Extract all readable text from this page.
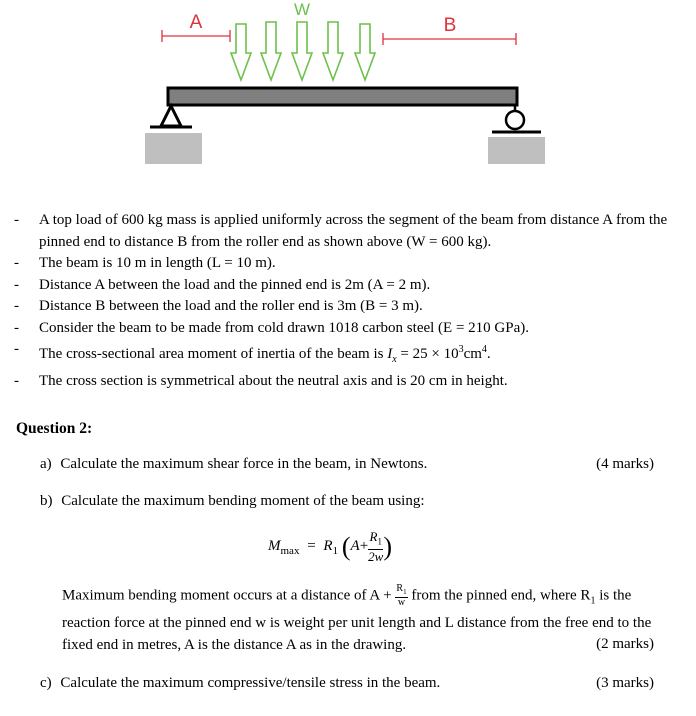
A	B
W
- A top load of 600 kg mass is applied uniformly across the segment of the beam from distance A from the pinned end to distance B from the roller end as shown above (W = 600 kg).
- The beam is 10 m in length (L = 10 m).
- Distance A between the load and the pinned end is 2m (A = 2 m).
- Distance B between the load and the roller end is 3m (B = 3 m).
- Consider the beam to be made from cold drawn 1018 carbon steel (E = 210 GPa).
- The cross-sectional area moment of inertia of the beam is $I_x = 25 \times 10^3cm^4$.
- The cross section is symmetrical about the neutral axis and is 20 cm in height.
Question 2:
a) Calculate the maximum shear force in the beam, in Newtons.	(4 marks)
b) Calculate the maximum bending moment of the beam using:
$M_{max} = R_1$ ($A+ \frac{R_1}{2w}$ )
Maximum bending moment occurs at a distance of $A + \frac{R_1}{w}$ from the pinned end, where $R_1$ is the reaction force at the pinned end w is weight per unit length and L distance from the free end to the fixed end in metres, A is the distance A as in the drawing.	(2 marks)
c) Calculate the maximum compressive/tensile stress in the beam.	(3 marks)
